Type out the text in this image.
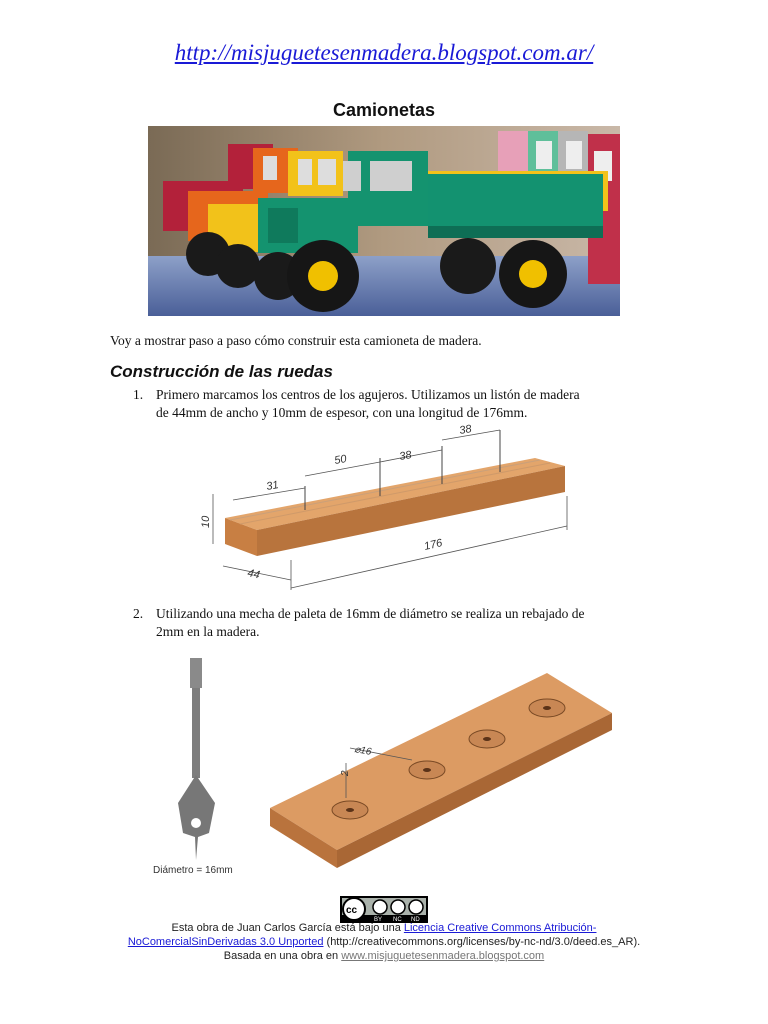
http://misjuguetesenmadera.blogspot.com.ar/
Camionetas
Voy a mostrar paso a paso cómo construir esta camioneta de madera.
Construcción de las ruedas
1. Primero marcamos los centros de los agujeros. Utilizamos un listón de madera
de 44mm de ancho y 10mm de espesor, con una longitud de 176mm.
31
50	38
38
10
44
176
2. Utilizando una mecha de paleta de 16mm de diámetro se realiza un rebajado de
2mm en la madera.
Diámetro = 16mm
⌀16
2
cc
BY NC ND
Esta obra de Juan Carlos García está bajo una Licencia Creative Commons Atribución-
NoComercialSinDerivadas 3.0 Unported (http://creativecommons.org/licenses/by-nc-nd/3.0/deed.es_AR).
Basada en una obra en www.misjuguetesenmadera.blogspot.com
